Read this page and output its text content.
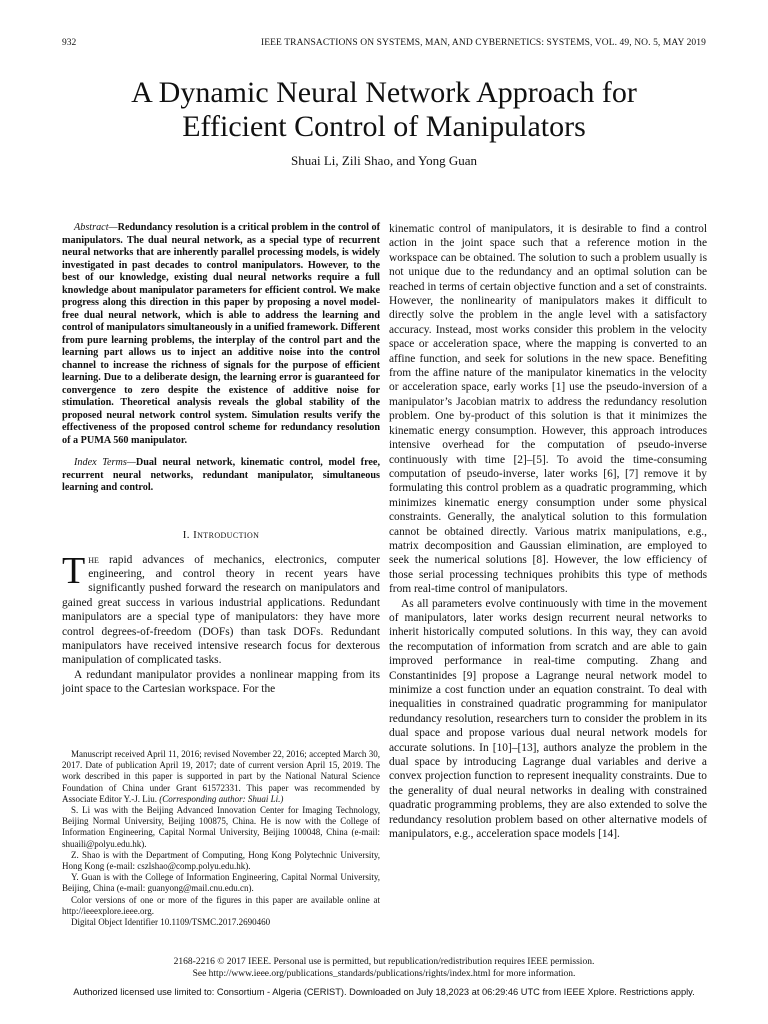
932	IEEE TRANSACTIONS ON SYSTEMS, MAN, AND CYBERNETICS: SYSTEMS, VOL. 49, NO. 5, MAY 2019
A Dynamic Neural Network Approach for
Efficient Control of Manipulators
Shuai Li, Zili Shao, and Yong Guan

Abstract—Redundancy resolution is a critical problem in the control of manipulators. The dual neural network, as a special type of recurrent neural networks that are inherently parallel processing models, is widely investigated in past decades to control manipulators. However, to the best of our knowledge, existing dual neural networks require a full knowledge about manipulator parameters for efficient control. We make progress along this direction in this paper by proposing a novel model-free dual neural network, which is able to address the learning and control of manipulators simultaneously in a unified framework. Different from pure learning problems, the interplay of the control part and the learning part allows us to inject an additive noise into the control channel to increase the richness of signals for the purpose of efficient learning. Due to a deliberate design, the learning error is guaranteed for convergence to zero despite the existence of additive noise for stimulation. Theoretical analysis reveals the global stability of the proposed neural network control system. Simulation results verify the effectiveness of the proposed control scheme for redundancy resolution of a PUMA 560 manipulator.

Index Terms—Dual neural network, kinematic control, model free, recurrent neural networks, redundant manipulator, simultaneous learning and control.

I. Introduction

The rapid advances of mechanics, electronics, computer engineering, and control theory in recent years have significantly pushed forward the research on manipulators and gained great success in various industrial applications. Redundant manipulators are a special type of manipulators: they have more control degrees-of-freedom (DOFs) than task DOFs. Redundant manipulators have received intensive research focus for dexterous manipulation of complicated tasks.

A redundant manipulator provides a nonlinear mapping from its joint space to the Cartesian workspace. For the

Manuscript received April 11, 2016; revised November 22, 2016; accepted March 30, 2017. Date of publication April 19, 2017; date of current version April 15, 2019. The work described in this paper is supported in part by the National Natural Science Foundation of China under Grant 61572331. This paper was recommended by Associate Editor Y.-J. Liu. (Corresponding author: Shuai Li.)

S. Li was with the Beijing Advanced Innovation Center for Imaging Technology, Beijing Normal University, Beijing 100875, China. He is now with the College of Information Engineering, Capital Normal University, Beijing 100048, China (e-mail: shuaili@polyu.edu.hk).

Z. Shao is with the Department of Computing, Hong Kong Polytechnic University, Hong Kong (e-mail: cszlshao@comp.polyu.edu.hk).

Y. Guan is with the College of Information Engineering, Capital Normal University, Beijing, China (e-mail: guanyong@mail.cnu.edu.cn).

Color versions of one or more of the figures in this paper are available online at http://ieeexplore.ieee.org.

Digital Object Identifier 10.1109/TSMC.2017.2690460

kinematic control of manipulators, it is desirable to find a control action in the joint space such that a reference motion in the workspace can be obtained. The solution to such a problem usually is not unique due to the redundancy and an optimal solution can be reached in terms of certain objective function and a set of constraints. However, the nonlinearity of manipulators makes it difficult to directly solve the problem in the angle level with a satisfactory accuracy. Instead, most works consider this problem in the velocity space or acceleration space, where the mapping is converted to an affine function, and seek for solutions in the new space. Benefiting from the affine nature of the manipulator kinematics in the velocity or acceleration space, early works [1] use the pseudo-inversion of a manipulator’s Jacobian matrix to address the redundancy resolution problem. One by-product of this solution is that it minimizes the kinematic energy consumption. However, this approach introduces intensive overhead for the computation of pseudo-inverse continuously with time [2]–[5]. To avoid the time-consuming computation of pseudo-inverse, later works [6], [7] remove it by formulating this control problem as a quadratic programming, which minimizes kinematic energy consumption under some physical constraints. Generally, the analytical solution to this formulation cannot be obtained directly. Various matrix manipulations, e.g., matrix decomposition and Gaussian elimination, are employed to seek the numerical solutions [8]. However, the low efficiency of those serial processing techniques prohibits this type of methods from real-time control of manipulators.

As all parameters evolve continuously with time in the movement of manipulators, later works design recurrent neural networks to inherit historically computed solutions. In this way, they can avoid the recomputation of information from scratch and are able to gain improved performance in real-time computing. Zhang and Constantinides [9] propose a Lagrange neural network model to minimize a cost function under an equation constraint. To deal with inequalities in constrained quadratic programming for manipulator redundancy resolution, researchers turn to consider the problem in its dual space and propose various dual neural network models for accurate solutions. In [10]–[13], authors analyze the problem in the dual space by introducing Lagrange dual variables and derive a convex projection function to represent inequality constraints. Due to the generality of dual neural networks in dealing with constrained quadratic programming problems, they are also extended to solve the redundancy resolution problem based on other alternative models of manipulators, e.g., acceleration space models [14].

2168-2216 © 2017 IEEE. Personal use is permitted, but republication/redistribution requires IEEE permission.
See http://www.ieee.org/publications_standards/publications/rights/index.html for more information.
Authorized licensed use limited to: Consortium - Algeria (CERIST). Downloaded on July 18,2023 at 06:29:46 UTC from IEEE Xplore. Restrictions apply.
